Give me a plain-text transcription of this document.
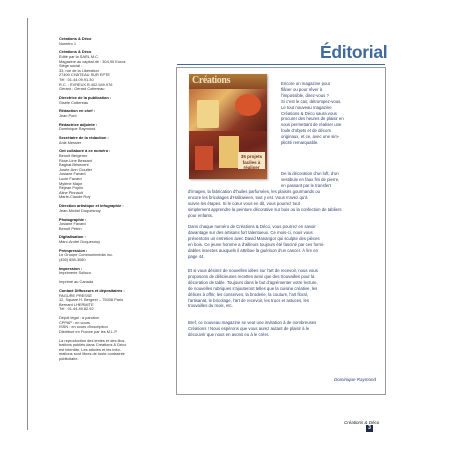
Créations & Déco
Numéro 1
Créations & Déco
Édité par la SARL M.C.
Magazine au capital de : 304,90 Euros
Siège social :
33, rue de la Libération
27400 CHÂTEAU SUR EPTE
Tél : 01.44.09.91.30
R.C. : ÉVREUX B 402.549.976
Gérant : Gérard Cottereau
Directrice de la publication :
Gisèle Cottereau
Rédaction en chef :
Jean Pont
Rédactrice adjointe :
Dominique Raymond
Secrétaire de la rédaction :
Anik Messier
Ont collaboré à ce numéro :
Benoît Bergeron
Rose-Line Bessant
Baghat Brisecent
Josée-Ann Cloutier
Josiane Favard
Lucie Favard
Mylène Major
Réjean Poplin
Aline Pinnault
Marie-Claude Roy
Direction artistique et infographie :
Jean-Michel Duquesnoy
Photographie :
Josiane Favard
Benoît Pétrin
Digitalisation :
Marc-André Duquesnoy
Prémpression :
Le Groupe Communimédia Inc.
(450) 655-3080
Impression :
Imprimerie Solisco
Imprimé au Canada
Contact Diffuseurs et dépositaires :
PAGURE PRESSE
12, Square H. Bergeer – 75008 Paris
Bernard LHERMITE
Tél : 01.44.49.82.92
Dépôt légal : à parution
CPPAP : en cours
ISSN : en cours d'inscription
Distribué en France par les M.L.P.
La reproduction des textes et des illus-
trations publiés dans Créations & Déco
est interdite. Les articles et les infor-
mations sont libres de toute contrainte
publicitaire.
Éditorial
Créations
35 projets faciles à réaliser
Encore un magazine pour
flâner ou pour rêver à
l'impossible, direz-vous ?
Si c'est le cas, détrompez-vous.
Le tout nouveau magazine
Créations & Déco saura vous
procurer des heures de plaisir en
vous permettant de réaliser une
foule d'objets et de décors
originaux, et ce, avec une sim-
plicité remarquable.
De la décoration d'un loft, d'un
vestibule en faux fini de pierre,
en passant par le transfert
d'images, la fabrication d'huiles parfumées, les plaisirs gourmands ou
encore les bricolages d'Halloween, tout y est. Vous n'avez qu'à
suivre les étapes. Si le cœur vous en dit, vous pourrez tout
simplement apprendre la peinture décorative sur bois ou la confection de tabliers
pour enfants.
Dans chaque numéro de Créations & Déco, vous pourrez en savoir
davantage sur des artisans fort talentueux. Ce mois-ci, nous vous
présentons un entretien avec David Manangor qui sculpte des pièces
en bois. Ce jeune homme a d'ailleurs toujours été fasciné par ces formi-
dables insectes auxquels il attribue la guérison d'un cancer. À lire en
page 44.
Et si vous désirez de nouvelles idées sur l'art de recevoir, nous vous
proposons de délicieuses recettes ainsi que des trouvailles pour la
décoration de table. Toujours dans le but d'agrémenter votre lecture,
de nouvelles rubriques s'ajouteront telles que la cuisine créative, les
délices à offrir, les conserves, la broderie, la couture, l'art floral,
l'artisanat, le bricolage, l'art de recevoir, les trucs et astuces, les
trouvailles du mois, etc.
Bref, ce nouveau magazine se veut une invitation à de nombreuses
Créations ! Nous espérons que vous aurez autant de plaisir à le
découvrir que nous en avons eu à le créer.
Dominique Raymond
Créations & Déco
3
